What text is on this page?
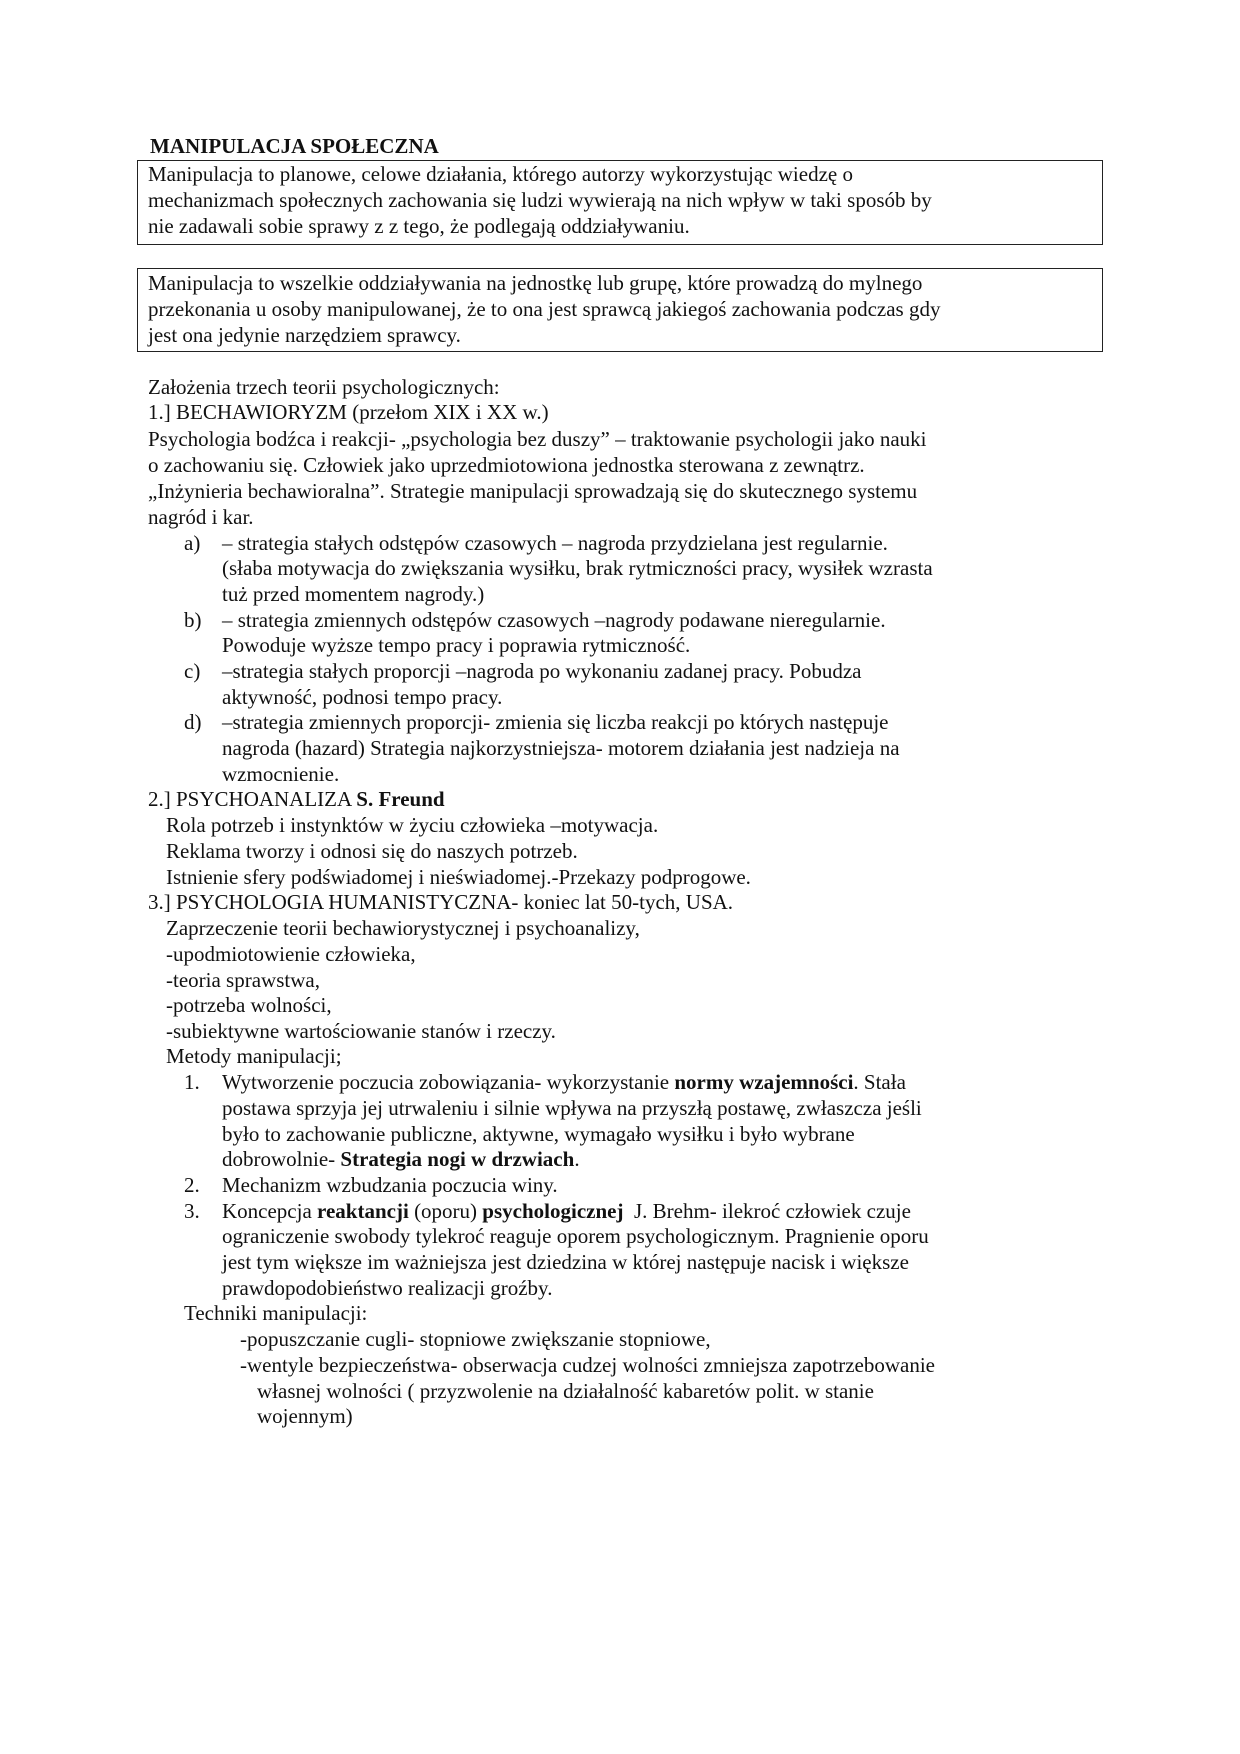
MANIPULACJA SPOŁECZNA
Manipulacja to planowe, celowe działania, którego autorzy wykorzystując wiedzę o
mechanizmach społecznych zachowania się ludzi wywierają na nich wpływ w taki sposób by
nie zadawali sobie sprawy z z tego, że podlegają oddziaływaniu.
Manipulacja to wszelkie oddziaływania na jednostkę lub grupę, które prowadzą do mylnego
przekonania u osoby manipulowanej, że to ona jest sprawcą jakiegoś zachowania podczas gdy
jest ona jedynie narzędziem sprawcy.
Założenia trzech teorii psychologicznych:
1.] BECHAWIORYZM (przełom XIX i XX w.)
Psychologia bodźca i reakcji- „psychologia bez duszy” – traktowanie psychologii jako nauki
o zachowaniu się. Człowiek jako uprzedmiotowiona jednostka sterowana z zewnątrz.
„Inżynieria bechawioralna”. Strategie manipulacji sprowadzają się do skutecznego systemu
nagród i kar.
a) – strategia stałych odstępów czasowych – nagroda przydzielana jest regularnie.
(słaba motywacja do zwiększania wysiłku, brak rytmiczności pracy, wysiłek wzrasta
tuż przed momentem nagrody.)
b) – strategia zmiennych odstępów czasowych –nagrody podawane nieregularnie.
Powoduje wyższe tempo pracy i poprawia rytmiczność.
c) –strategia stałych proporcji –nagroda po wykonaniu zadanej pracy. Pobudza
aktywność, podnosi tempo pracy.
d) –strategia zmiennych proporcji- zmienia się liczba reakcji po których następuje
nagroda (hazard) Strategia najkorzystniejsza- motorem działania jest nadzieja na
wzmocnienie.
2.] PSYCHOANALIZA S. Freund
Rola potrzeb i instynktów w życiu człowieka –motywacja.
Reklama tworzy i odnosi się do naszych potrzeb.
Istnienie sfery podświadomej i nieświadomej.-Przekazy podprogowe.
3.] PSYCHOLOGIA HUMANISTYCZNA- koniec lat 50-tych, USA.
Zaprzeczenie teorii bechawiorystycznej i psychoanalizy,
-upodmiotowienie człowieka,
-teoria sprawstwa,
-potrzeba wolności,
-subiektywne wartościowanie stanów i rzeczy.
Metody manipulacji;
1. Wytworzenie poczucia zobowiązania- wykorzystanie normy wzajemności. Stała
postawa sprzyja jej utrwaleniu i silnie wpływa na przyszłą postawę, zwłaszcza jeśli
było to zachowanie publiczne, aktywne, wymagało wysiłku i było wybrane
dobrowolnie- Strategia nogi w drzwiach.
2. Mechanizm wzbudzania poczucia winy.
3. Koncepcja reaktancji (oporu) psychologicznej  J. Brehm- ilekroć człowiek czuje
ograniczenie swobody tylekroć reaguje oporem psychologicznym. Pragnienie oporu
jest tym większe im ważniejsza jest dziedzina w której następuje nacisk i większe
prawdopodobieństwo realizacji groźby.
Techniki manipulacji:
-popuszczanie cugli- stopniowe zwiększanie stopniowe,
-wentyle bezpieczeństwa- obserwacja cudzej wolności zmniejsza zapotrzebowanie
własnej wolności ( przyzwolenie na działalność kabaretów polit. w stanie
wojennym)
